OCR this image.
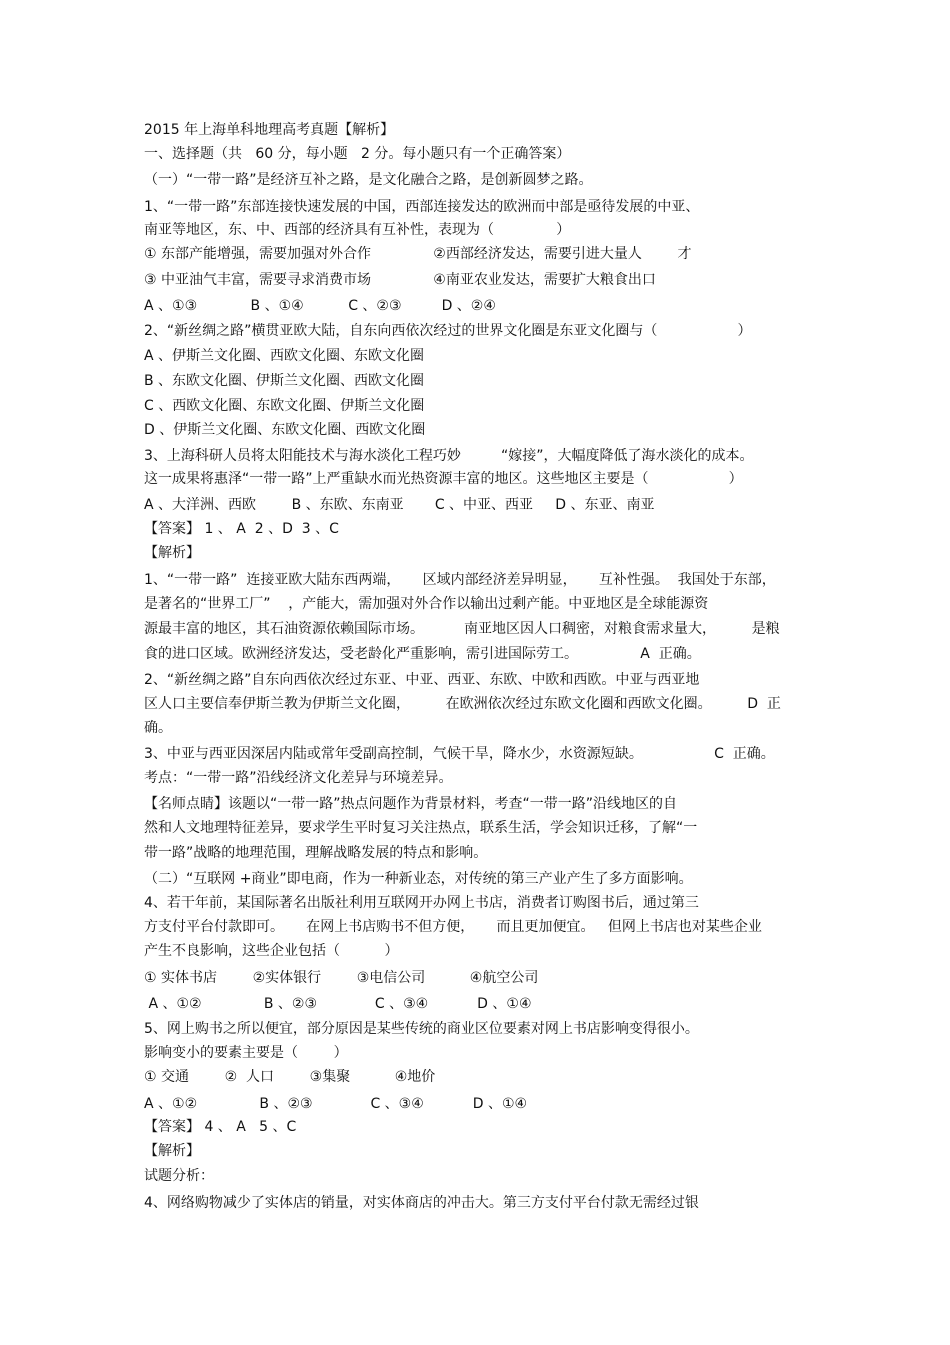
2015 年上海单科地理高考真题【解析】

一、选择题（共   60 分，每小题   2 分。每小题只有一个正确答案）

（一）“一带一路”是经济互补之路，是文化融合之路，是创新圆梦之路。

1、“一带一路”东部连接快速发展的中国，西部连接发达的欧洲而中部是亟待发展的中亚、

南亚等地区，东、中、西部的经济具有互补性，表现为（              ）

① 东部产能增强，需要加强对外合作              ②西部经济发达，需要引进大量人        才

③ 中亚油气丰富，需要寻求消费市场              ④南亚农业发达，需要扩大粮食出口

A 、①③            B 、①④          C 、②③         D 、②④

2、“新丝绸之路”横贯亚欧大陆，自东向西依次经过的世界文化圈是东亚文化圈与（                  ）

A 、伊斯兰文化圈、西欧文化圈、东欧文化圈

B 、东欧文化圈、伊斯兰文化圈、西欧文化圈

C 、西欧文化圈、东欧文化圈、伊斯兰文化圈

D 、伊斯兰文化圈、东欧文化圈、西欧文化圈

3、上海科研人员将太阳能技术与海水淡化工程巧妙         “嫁接”，大幅度降低了海水淡化的成本。

这一成果将惠泽“一带一路”上严重缺水而光热资源丰富的地区。这些地区主要是（                  ）

A 、大洋洲、西欧        B 、东欧、东南亚       C 、中亚、西亚     D 、东亚、南亚

【答案】 1 、 A  2 、D  3 、C

【解析】

1、“一带一路”  连接亚欧大陆东西两端，     区域内部经济差异明显，     互补性强。  我国处于东部，

是著名的“世界工厂”    ，产能大，需加强对外合作以输出过剩产能。中亚地区是全球能源资

源最丰富的地区，其石油资源依赖国际市场。         南亚地区因人口稠密，对粮食需求量大，        是粮

食的进口区域。欧洲经济发达，受老龄化严重影响，需引进国际劳工。              A  正确。

2、“新丝绸之路”自东向西依次经过东亚、中亚、西亚、东欧、中欧和西欧。中亚与西亚地

区人口主要信奉伊斯兰教为伊斯兰文化圈，        在欧洲依次经过东欧文化圈和西欧文化圈。        D  正

确。

3、中亚与西亚因深居内陆或常年受副高控制，气候干旱，降水少，水资源短缺。                C  正确。

考点：“一带一路”沿线经济文化差异与环境差异。

【名师点睛】该题以“一带一路”热点问题作为背景材料，考查“一带一路”沿线地区的自

然和人文地理特征差异，要求学生平时复习关注热点，联系生活，学会知识迁移，了解“一

带一路”战略的地理范围，理解战略发展的特点和影响。

（二）“互联网 +商业”即电商，作为一种新业态，对传统的第三产业产生了多方面影响。

4、若干年前，某国际著名出版社利用互联网开办网上书店，消费者订购图书后，通过第三

方支付平台付款即可。     在网上书店购书不但方便，     而且更加便宜。   但网上书店也对某些企业

产生不良影响，这些企业包括（          ）

① 实体书店        ②实体银行        ③电信公司          ④航空公司

A 、①②              B 、②③             C 、③④           D 、①④

5、网上购书之所以便宜，部分原因是某些传统的商业区位要素对网上书店影响变得很小。

影响变小的要素主要是（        ）

① 交通        ②  人口        ③集聚          ④地价

A 、①②              B 、②③             C 、③④           D 、①④

【答案】 4 、 A   5 、C

【解析】

试题分析：

4、网络购物减少了实体店的销量，对实体商店的冲击大。第三方支付平台付款无需经过银
